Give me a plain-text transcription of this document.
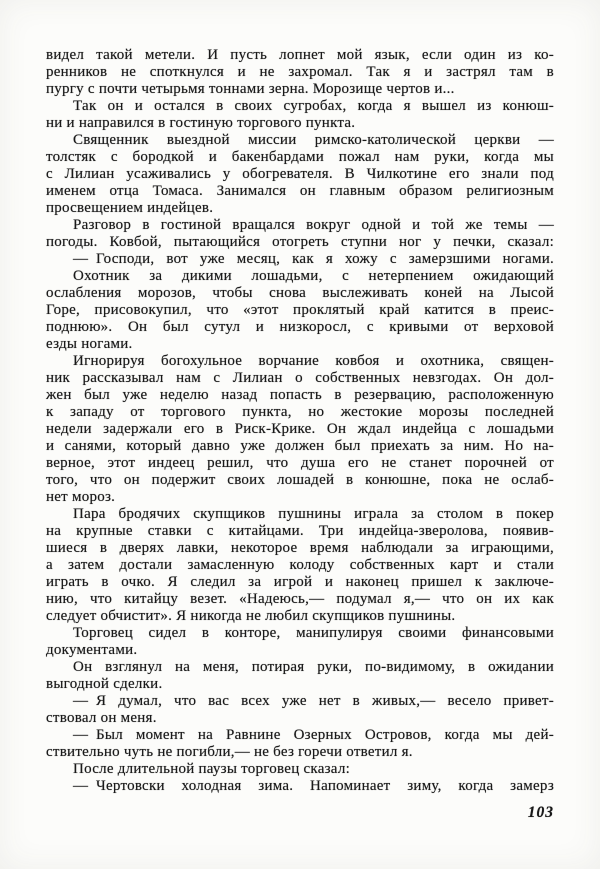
видел такой метели. И пусть лопнет мой язык, если один из ко-
ренников не споткнулся и не захромал. Так я и застрял там в
пургу с почти четырьмя тоннами зерна. Морозище чертов и...
Так он и остался в своих сугробах, когда я вышел из конюш-
ни и направился в гостиную торгового пункта.
Священник выездной миссии римско-католической церкви —
толстяк с бородкой и бакенбардами пожал нам руки, когда мы
с Лилиан усаживались у обогревателя. В Чилкотине его знали под
именем отца Томаса. Занимался он главным образом религиозным
просвещением индейцев.
Разговор в гостиной вращался вокруг одной и той же темы —
погоды. Ковбой, пытающийся отогреть ступни ног у печки, сказал:
— Господи, вот уже месяц, как я хожу с замерзшими ногами.
Охотник за дикими лошадьми, с нетерпением ожидающий
ослабления морозов, чтобы снова выслеживать коней на Лысой
Горе, присовокупил, что «этот проклятый край катится в преис-
поднюю». Он был сутул и низкоросл, с кривыми от верховой
езды ногами.
Игнорируя богохульное ворчание ковбоя и охотника, священ-
ник рассказывал нам с Лилиан о собственных невзгодах. Он дол-
жен был уже неделю назад попасть в резервацию, расположенную
к западу от торгового пункта, но жестокие морозы последней
недели задержали его в Риск-Крике. Он ждал индейца с лошадьми
и санями, который давно уже должен был приехать за ним. Но на-
верное, этот индеец решил, что душа его не станет порочней от
того, что он подержит своих лошадей в конюшне, пока не ослаб-
нет мороз.
Пара бродячих скупщиков пушнины играла за столом в покер
на крупные ставки с китайцами. Три индейца-зверолова, появив-
шиеся в дверях лавки, некоторое время наблюдали за играющими,
а затем достали замасленную колоду собственных карт и стали
играть в очко. Я следил за игрой и наконец пришел к заключе-
нию, что китайцу везет. «Надеюсь,— подумал я,— что он их как
следует обчистит». Я никогда не любил скупщиков пушнины.
Торговец сидел в конторе, манипулируя своими финансовыми
документами.
Он взглянул на меня, потирая руки, по-видимому, в ожидании
выгодной сделки.
— Я думал, что вас всех уже нет в живых,— весело привет-
ствовал он меня.
— Был момент на Равнине Озерных Островов, когда мы дей-
ствительно чуть не погибли,— не без горечи ответил я.
После длительной паузы торговец сказал:
— Чертовски холодная зима. Напоминает зиму, когда замерз
103
